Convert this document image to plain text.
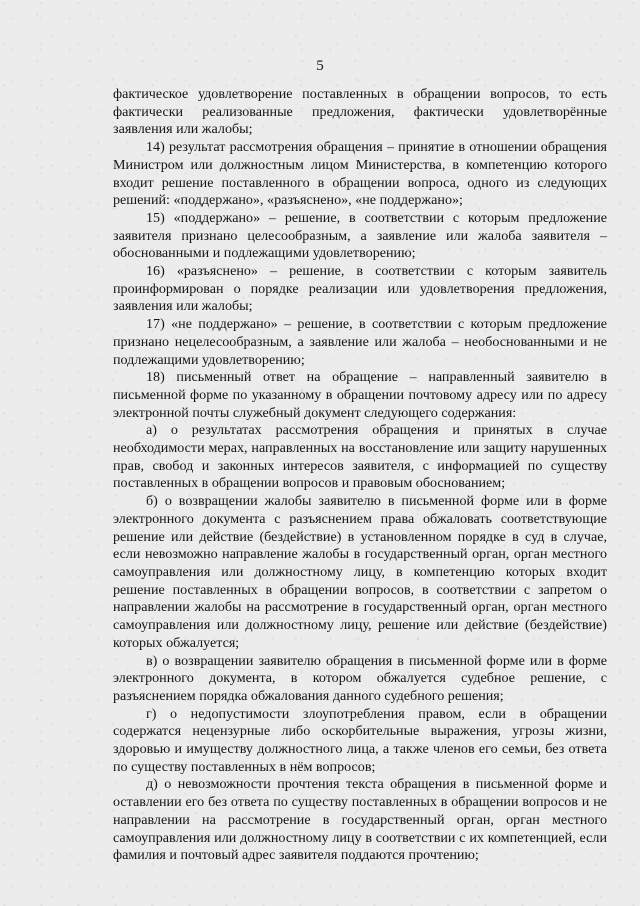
5

фактическое удовлетворение поставленных в обращении вопросов, то есть фактически реализованные предложения, фактически удовлетворённые заявления или жалобы;

14) результат рассмотрения обращения – принятие в отношении обращения Министром или должностным лицом Министерства, в компетенцию которого входит решение поставленного в обращении вопроса, одного из следующих решений: «поддержано», «разъяснено», «не поддержано»;

15) «поддержано» – решение, в соответствии с которым предложение заявителя признано целесообразным, а заявление или жалоба заявителя – обоснованными и подлежащими удовлетворению;

16) «разъяснено» – решение, в соответствии с которым заявитель проинформирован о порядке реализации или удовлетворения предложения, заявления или жалобы;

17) «не поддержано» – решение, в соответствии с которым предложение признано нецелесообразным, а заявление или жалоба – необоснованными и не подлежащими удовлетворению;

18) письменный ответ на обращение – направленный заявителю в письменной форме по указанному в обращении почтовому адресу или по адресу электронной почты служебный документ следующего содержания:

а) о результатах рассмотрения обращения и принятых в случае необходимости мерах, направленных на восстановление или защиту нарушенных прав, свобод и законных интересов заявителя, с информацией по существу поставленных в обращении вопросов и правовым обоснованием;

б) о возвращении жалобы заявителю в письменной форме или в форме электронного документа с разъяснением права обжаловать соответствующие решение или действие (бездействие) в установленном порядке в суд в случае, если невозможно направление жалобы в государственный орган, орган местного самоуправления или должностному лицу, в компетенцию которых входит решение поставленных в обращении вопросов, в соответствии с запретом о направлении жалобы на рассмотрение в государственный орган, орган местного самоуправления или должностному лицу, решение или действие (бездействие) которых обжалуется;

в) о возвращении заявителю обращения в письменной форме или в форме электронного документа, в котором обжалуется судебное решение, с разъяснением порядка обжалования данного судебного решения;

г) о недопустимости злоупотребления правом, если в обращении содержатся нецензурные либо оскорбительные выражения, угрозы жизни, здоровью и имуществу должностного лица, а также членов его семьи, без ответа по существу поставленных в нём вопросов;

д) о невозможности прочтения текста обращения в письменной форме и оставлении его без ответа по существу поставленных в обращении вопросов и не направлении на рассмотрение в государственный орган, орган местного самоуправления или должностному лицу в соответствии с их компетенцией, если фамилия и почтовый адрес заявителя поддаются прочтению;
